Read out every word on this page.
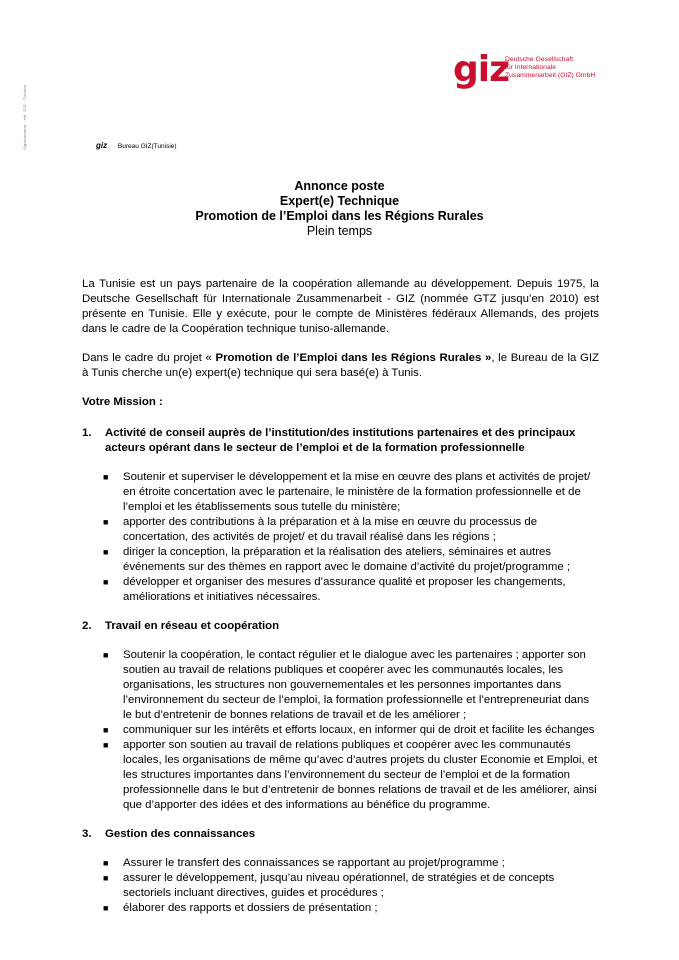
Signalement · réf. GIZ · Tunisie
giz
Deutsche Gesellschaft
für Internationale
Zusammenarbeit (GIZ) GmbH
giz Bureau GIZ(Tunisie)
Annonce poste
Expert(e) Technique
Promotion de l’Emploi dans les Régions Rurales
Plein temps

La Tunisie est un pays partenaire de la coopération allemande au développement. Depuis 1975, la Deutsche Gesellschaft für Internationale Zusammenarbeit - GIZ (nommée GTZ jusqu’en 2010) est présente en Tunisie. Elle y exécute, pour le compte de Ministères fédéraux Allemands, des projets dans le cadre de la Coopération technique tuniso-allemande.

Dans le cadre du projet « Promotion de l’Emploi dans les Régions Rurales », le Bureau de la GIZ à Tunis cherche un(e) expert(e) technique qui sera basé(e) à Tunis.

Votre Mission :
1.	Activité de conseil auprès de l’institution/des institutions partenaires et des principaux acteurs opérant dans le secteur de l’emploi et de la formation professionnelle
■	Soutenir et superviser le développement et la mise en œuvre des plans et activités de projet/ en étroite concertation avec le partenaire, le ministère de la formation professionnelle et de l’emploi et les établissements sous tutelle du ministère;
■	apporter des contributions à la préparation et à la mise en œuvre du processus de concertation, des activités de projet/ et du travail réalisé dans les régions ;
■	diriger la conception, la préparation et la réalisation des ateliers, séminaires et autres événements sur des thèmes en rapport avec le domaine d’activité du projet/programme ;
■	développer et organiser des mesures d’assurance qualité et proposer les changements, améliorations et initiatives nécessaires.
2.	Travail en réseau et coopération
■	Soutenir la coopération, le contact régulier et le dialogue avec les partenaires ; apporter son soutien au travail de relations publiques et coopérer avec les communautés locales, les organisations, les structures non gouvernementales et les personnes importantes dans l’environnement du secteur de l’emploi, la formation professionnelle et l’entrepreneuriat dans le but d’entretenir de bonnes relations de travail et de les améliorer ;
■	communiquer sur les intérêts et efforts locaux, en informer qui de droit et facilite les échanges
■	apporter son soutien au travail de relations publiques et coopérer avec les communautés locales, les organisations de même qu’avec d’autres projets du cluster Economie et Emploi, et les structures importantes dans l’environnement du secteur de l’emploi et de la formation professionnelle dans le but d’entretenir de bonnes relations de travail et de les améliorer, ainsi que d’apporter des idées et des informations au bénéfice du programme.
3.	Gestion des connaissances
■	Assurer le transfert des connaissances se rapportant au projet/programme ;
■	assurer le développement, jusqu’au niveau opérationnel, de stratégies et de concepts sectoriels incluant directives, guides et procédures ;
■	élaborer des rapports et dossiers de présentation ;
